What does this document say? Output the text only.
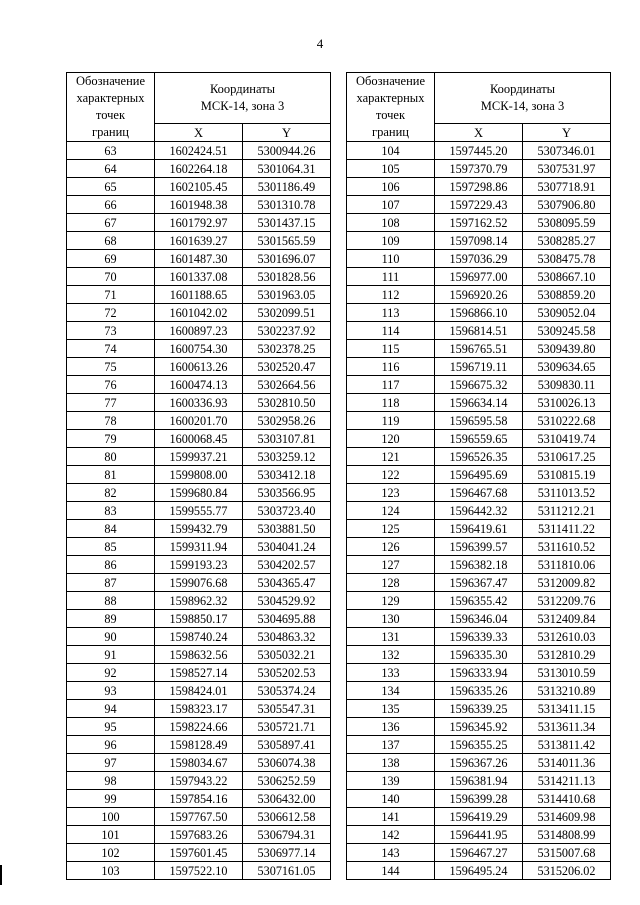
4
Обозначение
характерных
точек
границ	Координаты
МСК-14, зона 3	
	X	Y
63	1602424.51	5300944.26
64	1602264.18	5301064.31
65	1602105.45	5301186.49
66	1601948.38	5301310.78
67	1601792.97	5301437.15
68	1601639.27	5301565.59
69	1601487.30	5301696.07
70	1601337.08	5301828.56
71	1601188.65	5301963.05
72	1601042.02	5302099.51
73	1600897.23	5302237.92
74	1600754.30	5302378.25
75	1600613.26	5302520.47
76	1600474.13	5302664.56
77	1600336.93	5302810.50
78	1600201.70	5302958.26
79	1600068.45	5303107.81
80	1599937.21	5303259.12
81	1599808.00	5303412.18
82	1599680.84	5303566.95
83	1599555.77	5303723.40
84	1599432.79	5303881.50
85	1599311.94	5304041.24
86	1599193.23	5304202.57
87	1599076.68	5304365.47
88	1598962.32	5304529.92
89	1598850.17	5304695.88
90	1598740.24	5304863.32
91	1598632.56	5305032.21
92	1598527.14	5305202.53
93	1598424.01	5305374.24
94	1598323.17	5305547.31
95	1598224.66	5305721.71
96	1598128.49	5305897.41
97	1598034.67	5306074.38
98	1597943.22	5306252.59
99	1597854.16	5306432.00
100	1597767.50	5306612.58
101	1597683.26	5306794.31
102	1597601.45	5306977.14
103	1597522.10	5307161.05
Обозначение
характерных
точек
границ	Координаты
МСК-14, зона 3	
	X	Y
104	1597445.20	5307346.01
105	1597370.79	5307531.97
106	1597298.86	5307718.91
107	1597229.43	5307906.80
108	1597162.52	5308095.59
109	1597098.14	5308285.27
110	1597036.29	5308475.78
111	1596977.00	5308667.10
112	1596920.26	5308859.20
113	1596866.10	5309052.04
114	1596814.51	5309245.58
115	1596765.51	5309439.80
116	1596719.11	5309634.65
117	1596675.32	5309830.11
118	1596634.14	5310026.13
119	1596595.58	5310222.68
120	1596559.65	5310419.74
121	1596526.35	5310617.25
122	1596495.69	5310815.19
123	1596467.68	5311013.52
124	1596442.32	5311212.21
125	1596419.61	5311411.22
126	1596399.57	5311610.52
127	1596382.18	5311810.06
128	1596367.47	5312009.82
129	1596355.42	5312209.76
130	1596346.04	5312409.84
131	1596339.33	5312610.03
132	1596335.30	5312810.29
133	1596333.94	5313010.59
134	1596335.26	5313210.89
135	1596339.25	5313411.15
136	1596345.92	5313611.34
137	1596355.25	5313811.42
138	1596367.26	5314011.36
139	1596381.94	5314211.13
140	1596399.28	5314410.68
141	1596419.29	5314609.98
142	1596441.95	5314808.99
143	1596467.27	5315007.68
144	1596495.24	5315206.02
